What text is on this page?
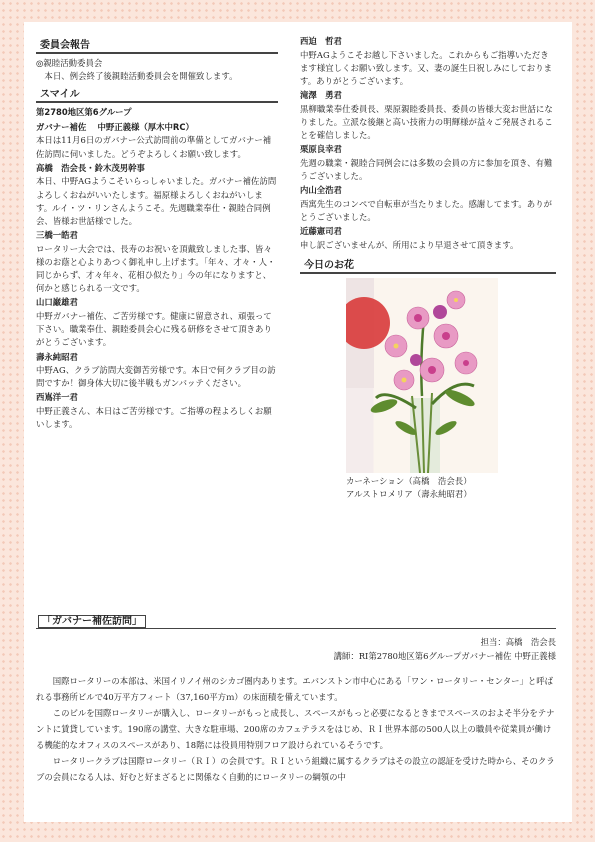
委員会報告

◎親睦活動委員会

本日、例会終了後親睦活動委員会を開催致します。

スマイル
第2780地区第6グループ
ガバナー補佐　 中野正義様（厚木中RC）

本日は11月6日のガバナー公式訪問前の準備としてガバナー補佐訪問に伺いました。どうぞよろしくお願い致します。

高橋　浩会長・鈴木茂男幹事

本日、中野AGようこそいらっしゃいました。ガバナー補佐訪問よろしくおねがいいたします。福原様よろしくおねがいします。ルイ・ツ・リンさんようこそ。先週職業奉仕・親睦合同例会、皆様お世話様でした。

三橋一皓君

ロータリー大会では、長寿のお祝いを頂戴致しました事、皆々様のお蔭と心よりあつく御礼申し上げます。「年々、才々・人・同じからず、才々年々、花相ひ似たり」今の年になりますと、何かと感じられる一文です。

山口巌雄君

中野ガバナー補佐、ご苦労様です。健康に留意され、頑張って下さい。職業奉仕、親睦委員会心に残る研修をさせて頂きありがとうございます。

壽永純昭君

中野AG、クラブ訪問大変御苦労様です。本日で何クラブ目の訪問ですか！御身体大切に後半戦もガンバッテください。

西嶌洋一君

中野正義さん、本日はご苦労様です。ご指導の程よろしくお願いします。

西迫　哲君

中野AGようこそお越し下さいました。これからもご指導いただきます様宜しくお願い致します。又、妻の誕生日祝しみにしております。ありがとうございます。

滝澤　勇君

黒柳職業奉仕委員長、栗原親睦委員長、委員の皆様大変お世話になりました。立派な後継と高い技術力の明輝様が益々ご発展されることを確信しました。

栗原良幸君

先週の職業・親睦合同例会には多数の会員の方に参加を頂き、有難うございました。

内山全浩君

西寓先生のコンペで自転車が当たりました。感謝してます。ありがとうございました。

近藤憲司君

申し訳ございませんが、所用により早退させて頂きます。

今日のお花

カーネーション（高橋　浩会長）

アルストロメリア（壽永純昭君）

「ガバナー補佐訪問」
担当：高橋　浩会長
講師：RI第2780地区第6グループガバナー補佐 中野正義様

国際ロータリーの本部は、米国イリノイ州のシカゴ圏内あります。エバンストン市中心にある「ワン・ロータリー・センター」と呼ばれる事務所ビルで40万平方フィート（37,160平方ｍ）の床面積を備えています。

このビルを国際ロータリーが購入し、ロータリーがもっと成長し、スペースがもっと必要になるときまでスペースのおよそ半分をテナントに賃貸しています。190席の講堂、大きな駐車場、200席のカフェテラスをはじめ、ＲＩ世界本部の500人以上の職員や従業員が働ける機能的なオフィスのスペースがあり、18階には役員用特別フロア設けられているそうです。

ロータリークラブは国際ロータリー（ＲＩ）の会員です。ＲＩという組織に属するクラブはその設立の認証を受けた時から、そのクラブの会員になる人は、好むと好まざるとに関係なく自動的にロータリーの綱領の中
